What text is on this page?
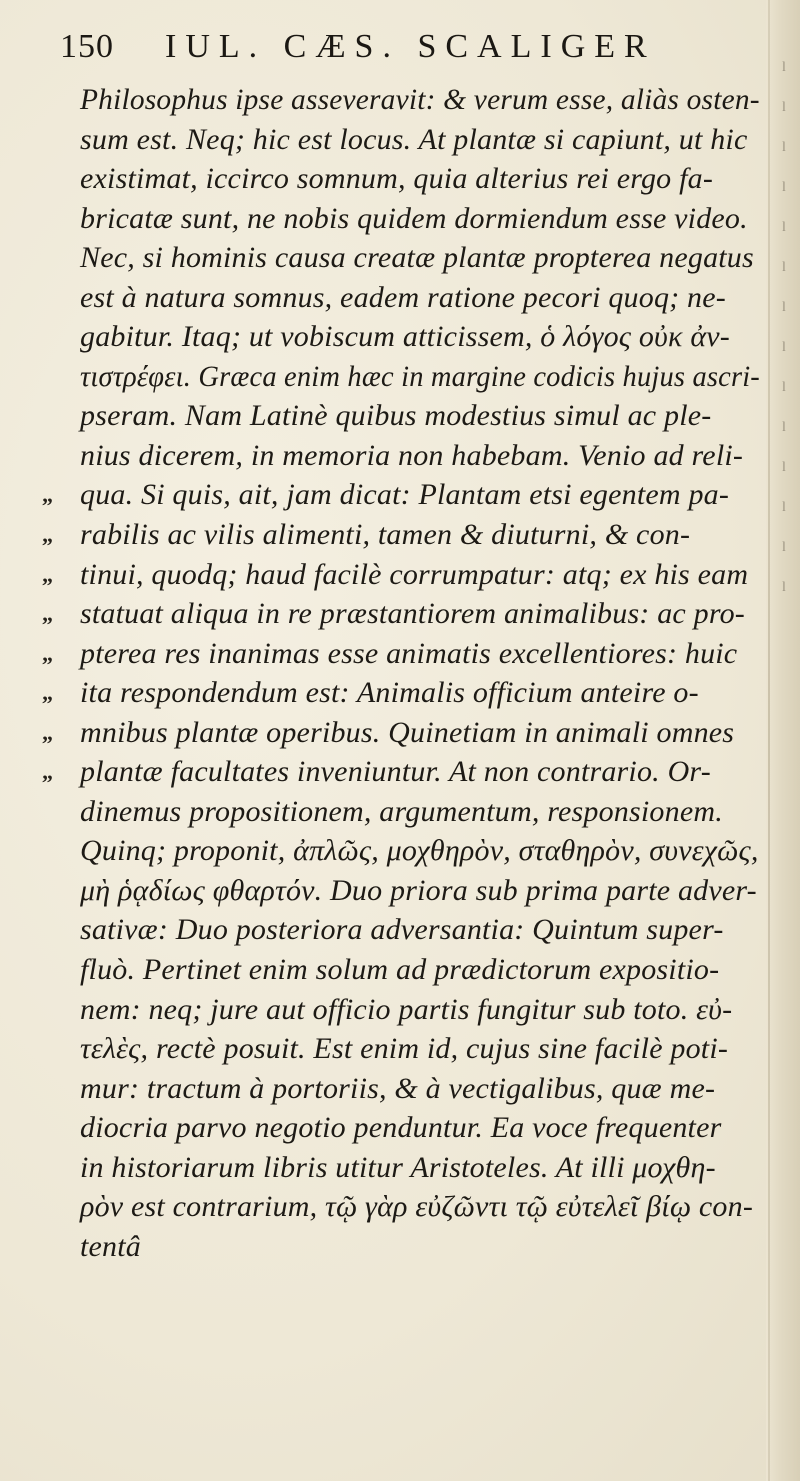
150 IUL. CÆS. SCALIGER
Philosophus ipse asseveravit: & verum esse, aliàs osten-
sum est. Neq; hic est locus. At plantæ si capiunt, ut hic
existimat, iccirco somnum, quia alterius rei ergo fa-
bricatæ sunt, ne nobis quidem dormiendum esse video.
Nec, si hominis causa creatæ plantæ propterea negatus
est à natura somnus, eadem ratione pecori quoq; ne-
gabitur. Itaq; ut vobiscum atticissem, ὁ λόγος οὐκ ἀν-
τιστρέφει. Græca enim hæc in margine codicis hujus ascri-
pseram. Nam Latinè quibus modestius simul ac ple-
nius dicerem, in memoria non habebam. Venio ad reli-
„ qua. Si quis, ait, jam dicat: Plantam etsi egentem pa-
„ rabilis ac vilis alimenti, tamen & diuturni, & con-
„ tinui, quodq; haud facilè corrumpatur: atq; ex his eam
„ statuat aliqua in re præstantiorem animalibus: ac pro-
„ pterea res inanimas esse animatis excellentiores: huic
„ ita respondendum est: Animalis officium anteire o-
„ mnibus plantæ operibus. Quinetiam in animali omnes
„ plantæ facultates inveniuntur. At non contrario. Or-
dinemus propositionem, argumentum, responsionem.
Quinq; proponit, ἀπλῶς, μοχθηρὸν, σταθηρὸν, συνεχῶς,
μὴ ῥᾳδίως φθαρτόν. Duo priora sub prima parte adver-
sativæ: Duo posteriora adversantia: Quintum super-
fluò. Pertinet enim solum ad prædictorum expositio-
nem: neq; jure aut officio partis fungitur sub toto. εὐ-
τελὲς, rectè posuit. Est enim id, cujus sine facilè poti-
mur: tractum à portoriis, & à vectigalibus, quæ me-
diocria parvo negotio penduntur. Ea voce frequenter
in historiarum libris utitur Aristoteles. At illi μοχθη-
ρὸν est contrarium, τῷ γὰρ εὐζῶντι τῷ εὐτελεῖ βίῳ con-
tentâ
l
l
l
l
l
l
l
l
l
l
l
l
l
l
